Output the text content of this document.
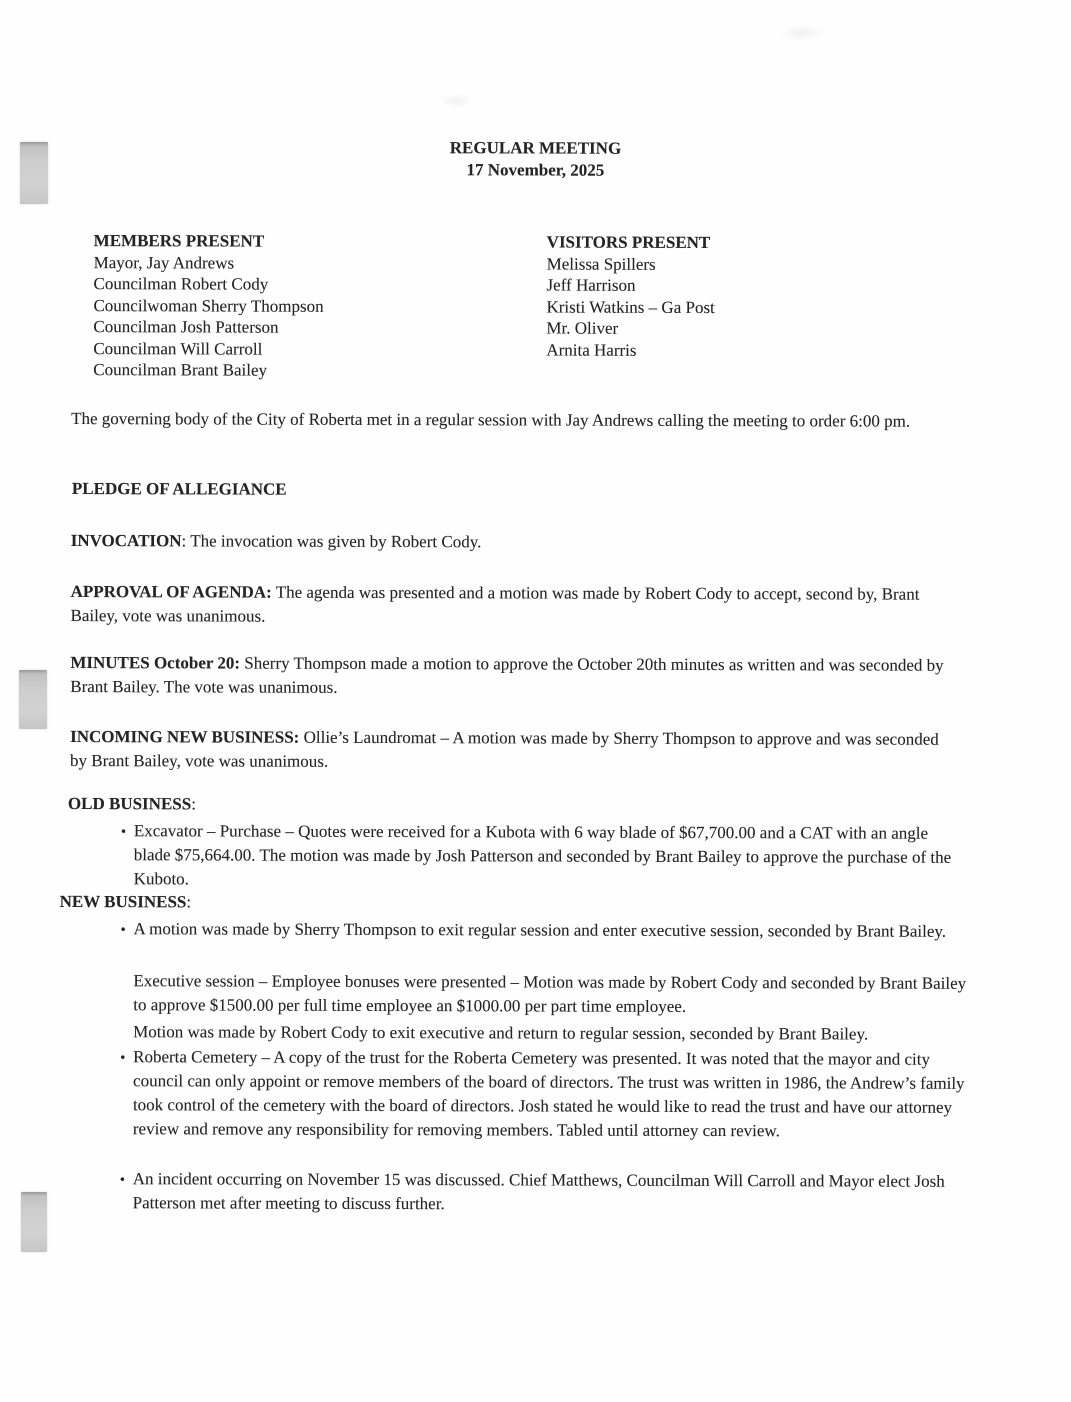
REGULAR MEETING
17 November, 2025
MEMBERS PRESENT
Mayor, Jay Andrews
Councilman Robert Cody
Councilwoman Sherry Thompson
Councilman Josh Patterson
Councilman Will Carroll
Councilman Brant Bailey
VISITORS PRESENT
Melissa Spillers
Jeff Harrison
Kristi Watkins – Ga Post
Mr. Oliver
Arnita Harris
The governing body of the City of Roberta met in a regular session with Jay Andrews calling the meeting to order 6:00 pm.
PLEDGE OF ALLEGIANCE
INVOCATION: The invocation was given by Robert Cody.
APPROVAL OF AGENDA: The agenda was presented and a motion was made by Robert Cody to accept, second by, Brant Bailey, vote was unanimous.
MINUTES October 20: Sherry Thompson made a motion to approve the October 20th minutes as written and was seconded by Brant Bailey. The vote was unanimous.
INCOMING NEW BUSINESS: Ollie’s Laundromat – A motion was made by Sherry Thompson to approve and was seconded by Brant Bailey, vote was unanimous.
OLD BUSINESS:
• Excavator – Purchase – Quotes were received for a Kubota with 6 way blade of $67,700.00 and a CAT with an angle blade $75,664.00. The motion was made by Josh Patterson and seconded by Brant Bailey to approve the purchase of the Kuboto.
NEW BUSINESS:
• A motion was made by Sherry Thompson to exit regular session and enter executive session, seconded by Brant Bailey.
Executive session – Employee bonuses were presented – Motion was made by Robert Cody and seconded by Brant Bailey to approve $1500.00 per full time employee an $1000.00 per part time employee.
Motion was made by Robert Cody to exit executive and return to regular session, seconded by Brant Bailey.
• Roberta Cemetery – A copy of the trust for the Roberta Cemetery was presented. It was noted that the mayor and city council can only appoint or remove members of the board of directors. The trust was written in 1986, the Andrew’s family took control of the cemetery with the board of directors. Josh stated he would like to read the trust and have our attorney review and remove any responsibility for removing members. Tabled until attorney can review.
• An incident occurring on November 15 was discussed. Chief Matthews, Councilman Will Carroll and Mayor elect Josh Patterson met after meeting to discuss further.
